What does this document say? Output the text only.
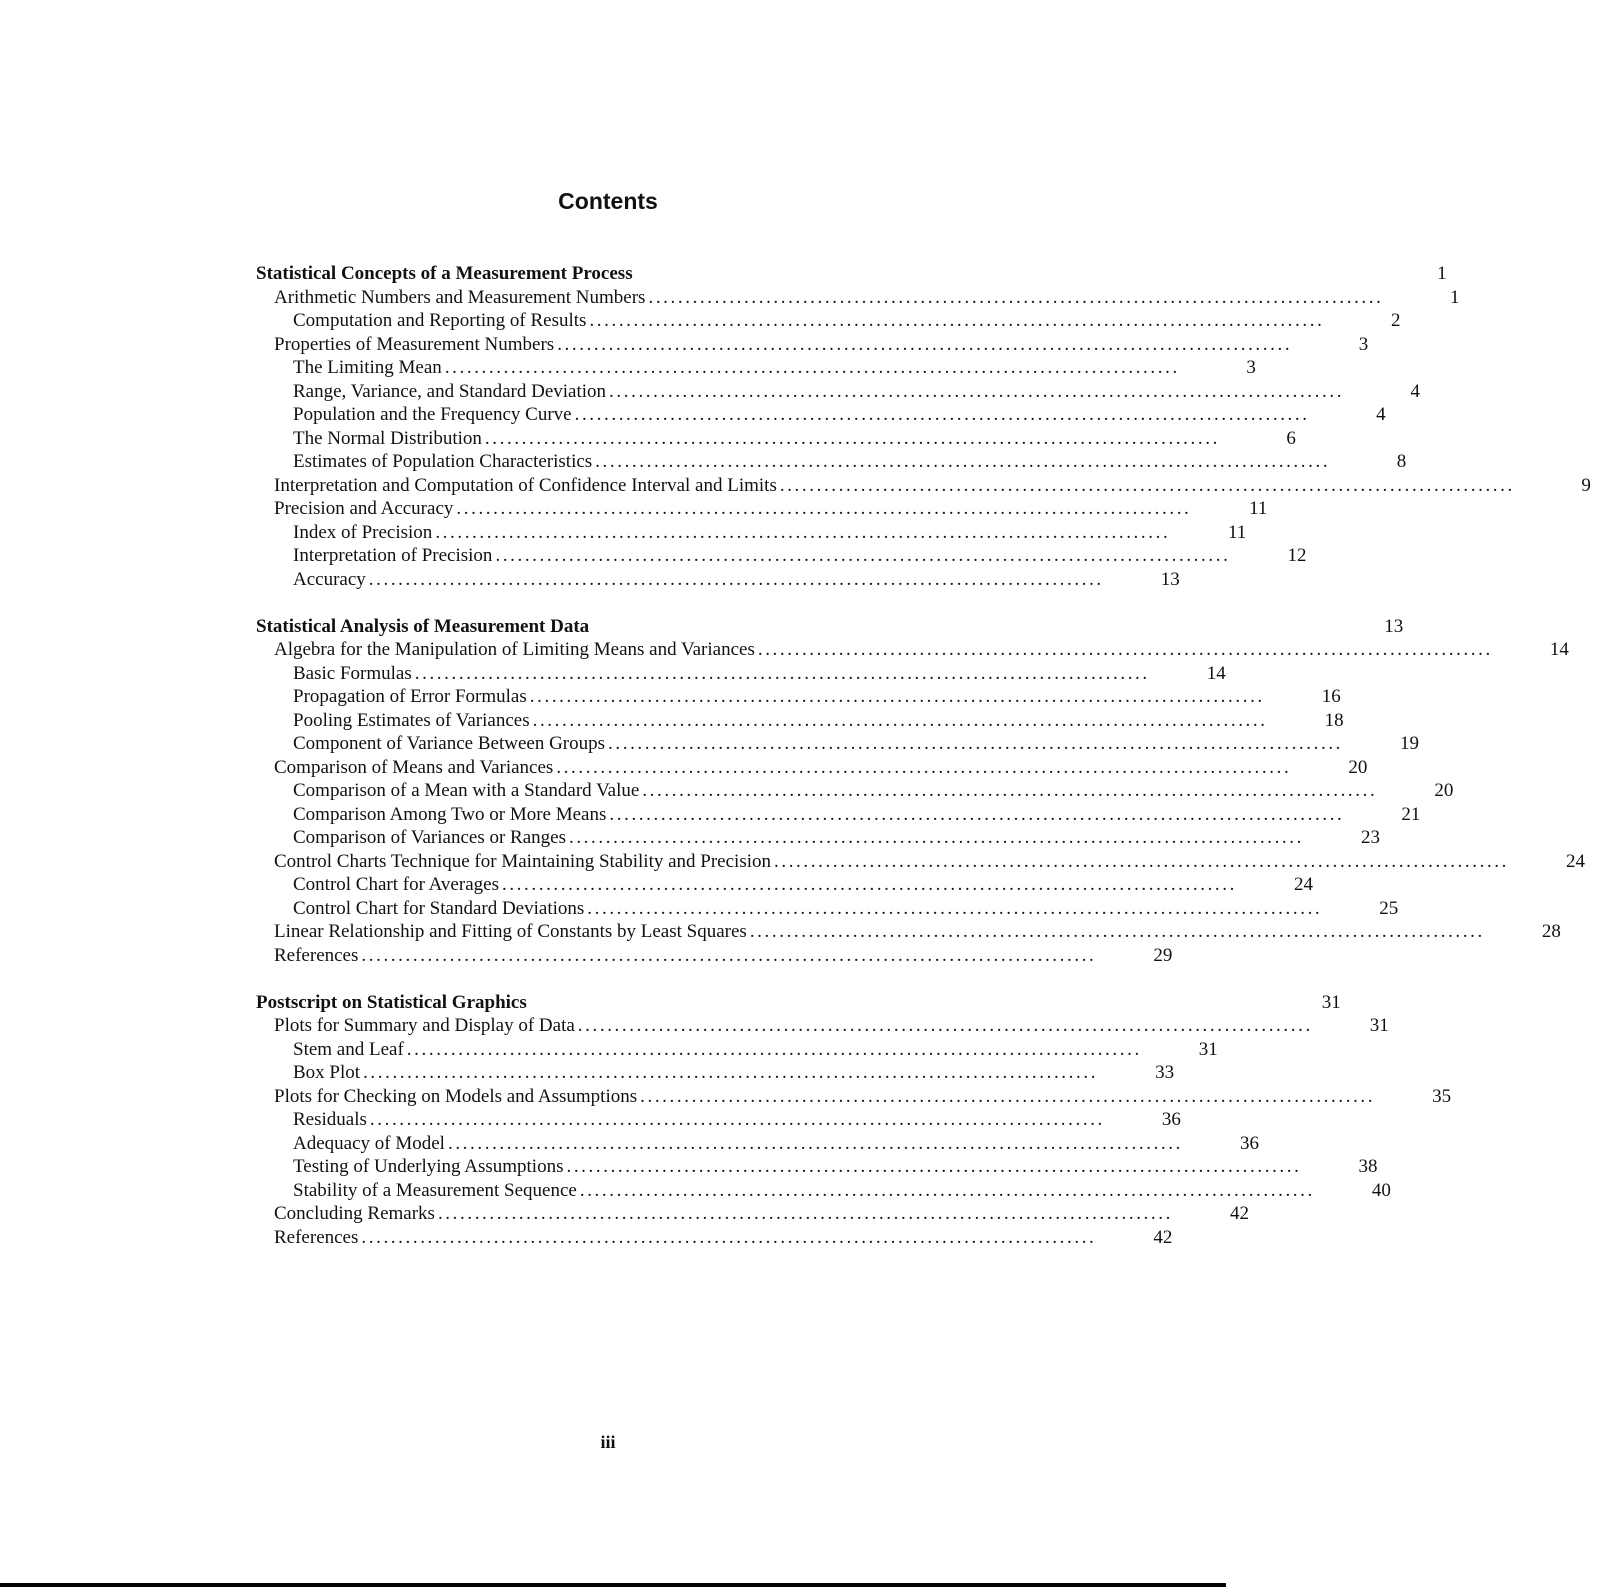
Contents
Statistical Concepts of a Measurement Process	1
Arithmetic Numbers and Measurement Numbers ....................................................................................................	1
Computation and Reporting of Results ....................................................................................................	2
Properties of Measurement Numbers ....................................................................................................	3
The Limiting Mean ....................................................................................................	3
Range, Variance, and Standard Deviation ....................................................................................................	4
Population and the Frequency Curve ....................................................................................................	4
The Normal Distribution ....................................................................................................	6
Estimates of Population Characteristics ....................................................................................................	8
Interpretation and Computation of Confidence Interval and Limits ....................................................................................................	9
Precision and Accuracy ....................................................................................................	11
Index of Precision ....................................................................................................	11
Interpretation of Precision ....................................................................................................	12
Accuracy ....................................................................................................	13
Statistical Analysis of Measurement Data	13
Algebra for the Manipulation of Limiting Means and Variances ....................................................................................................	14
Basic Formulas ....................................................................................................	14
Propagation of Error Formulas ....................................................................................................	16
Pooling Estimates of Variances ....................................................................................................	18
Component of Variance Between Groups ....................................................................................................	19
Comparison of Means and Variances ....................................................................................................	20
Comparison of a Mean with a Standard Value ....................................................................................................	20
Comparison Among Two or More Means ....................................................................................................	21
Comparison of Variances or Ranges ....................................................................................................	23
Control Charts Technique for Maintaining Stability and Precision ....................................................................................................	24
Control Chart for Averages ....................................................................................................	24
Control Chart for Standard Deviations ....................................................................................................	25
Linear Relationship and Fitting of Constants by Least Squares ....................................................................................................	28
References ....................................................................................................	29
Postscript on Statistical Graphics	31
Plots for Summary and Display of Data ....................................................................................................	31
Stem and Leaf ....................................................................................................	31
Box Plot ....................................................................................................	33
Plots for Checking on Models and Assumptions ....................................................................................................	35
Residuals ....................................................................................................	36
Adequacy of Model ....................................................................................................	36
Testing of Underlying Assumptions ....................................................................................................	38
Stability of a Measurement Sequence ....................................................................................................	40
Concluding Remarks ....................................................................................................	42
References ....................................................................................................	42
iii
